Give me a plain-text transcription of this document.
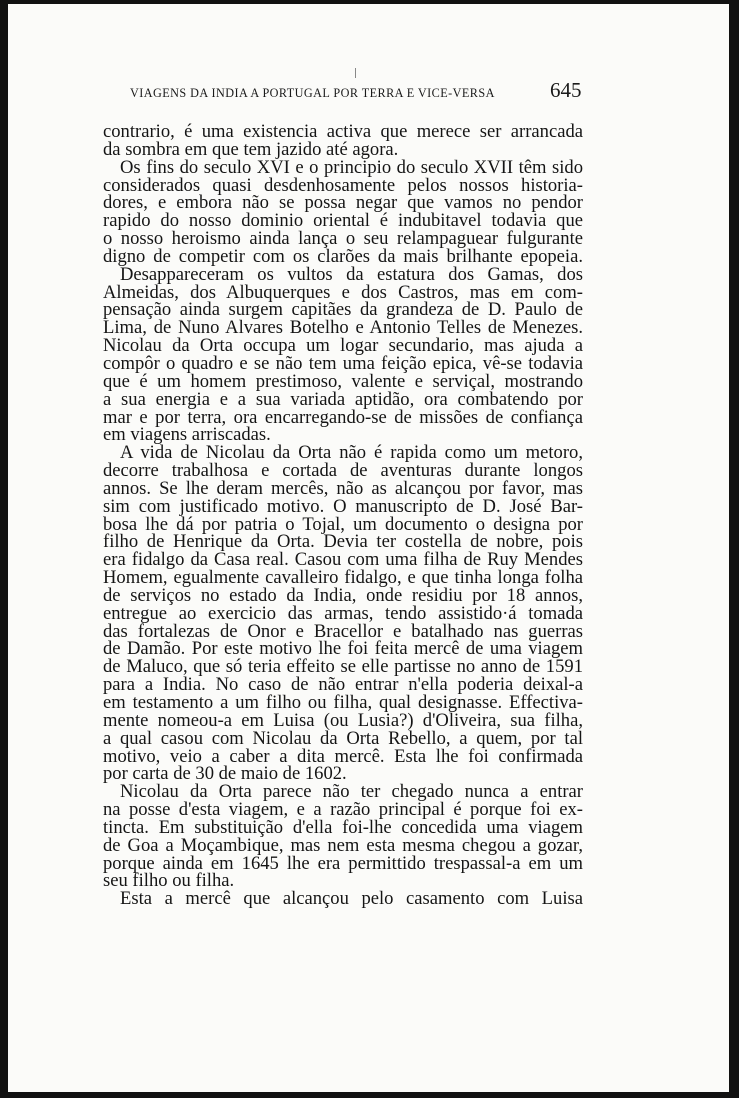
VIAGENS DA INDIA A PORTUGAL POR TERRA E VICE-VERSA	645

contrario, é uma existencia activa que merece ser arrancada

da sombra em que tem jazido até agora.

Os fins do seculo XVI e o principio do seculo XVII têm sido

considerados quasi desdenhosamente pelos nossos historia-

dores, e embora não se possa negar que vamos no pendor

rapido do nosso dominio oriental é indubitavel todavia que

o nosso heroismo ainda lança o seu relampaguear fulgurante

digno de competir com os clarões da mais brilhante epopeia.

Desappareceram os vultos da estatura dos Gamas, dos

Almeidas, dos Albuquerques e dos Castros, mas em com-

pensação ainda surgem capitães da grandeza de D. Paulo de

Lima, de Nuno Alvares Botelho e Antonio Telles de Menezes.

Nicolau da Orta occupa um logar secundario, mas ajuda a

compôr o quadro e se não tem uma feição epica, vê-se todavia

que é um homem prestimoso, valente e serviçal, mostrando

a sua energia e a sua variada aptidão, ora combatendo por

mar e por terra, ora encarregando-se de missões de confiança

em viagens arriscadas.

A vida de Nicolau da Orta não é rapida como um metoro,

decorre trabalhosa e cortada de aventuras durante longos

annos. Se lhe deram mercês, não as alcançou por favor, mas

sim com justificado motivo. O manuscripto de D. José Bar-

bosa lhe dá por patria o Tojal, um documento o designa por

filho de Henrique da Orta. Devia ter costella de nobre, pois

era fidalgo da Casa real. Casou com uma filha de Ruy Mendes

Homem, egualmente cavalleiro fidalgo, e que tinha longa folha

de serviços no estado da India, onde residiu por 18 annos,

entregue ao exercicio das armas, tendo assistido·á tomada

das fortalezas de Onor e Bracellor e batalhado nas guerras

de Damão. Por este motivo lhe foi feita mercê de uma viagem

de Maluco, que só teria effeito se elle partisse no anno de 1591

para a India. No caso de não entrar n'ella poderia deixal-a

em testamento a um filho ou filha, qual designasse. Effectiva-

mente nomeou-a em Luisa (ou Lusia?) d'Oliveira, sua filha,

a qual casou com Nicolau da Orta Rebello, a quem, por tal

motivo, veio a caber a dita mercê. Esta lhe foi confirmada

por carta de 30 de maio de 1602.

Nicolau da Orta parece não ter chegado nunca a entrar

na posse d'esta viagem, e a razão principal é porque foi ex-

tincta. Em substituição d'ella foi-lhe concedida uma viagem

de Goa a Moçambique, mas nem esta mesma chegou a gozar,

porque ainda em 1645 lhe era permittido trespassal-a em um

seu filho ou filha.

Esta a mercê que alcançou pelo casamento com Luisa
